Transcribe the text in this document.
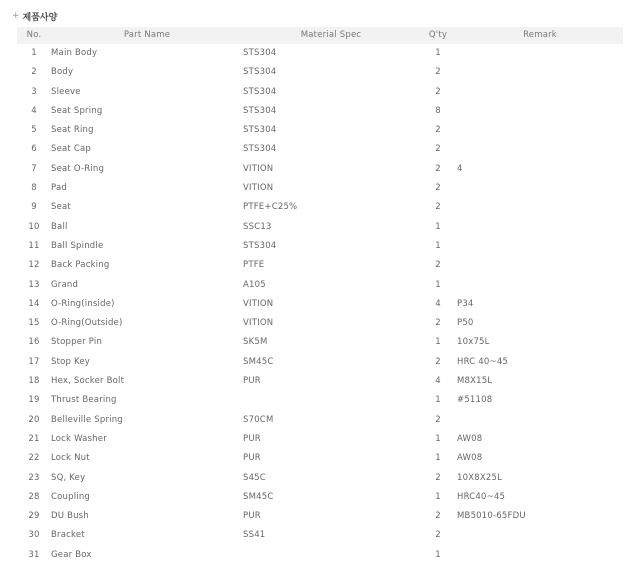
+ 제품사양
No.	Part Name	Material Spec	Q'ty	Remark
1	Main Body	STS304	1	
2	Body	STS304	2	
3	Sleeve	STS304	2	
4	Seat Spring	STS304	8	
5	Seat Ring	STS304	2	
6	Seat Cap	STS304	2	
7	Seat O-Ring	VITION	2	4
8	Pad	VITION	2	
9	Seat	PTFE+C25%	2	
10	Ball	SSC13	1	
11	Ball Spindle	STS304	1	
12	Back Packing	PTFE	2	
13	Grand	A105	1	
14	O-Ring(inside)	VITION	4	P34
15	O-Ring(Outside)	VITION	2	P50
16	Stopper Pin	SK5M	1	10x75L
17	Stop Key	SM45C	2	HRC 40~45
18	Hex, Socker Bolt	PUR	4	M8X15L
19	Thrust Bearing		1	#51108
20	Belleville Spring	S70CM	2	
21	Lock Washer	PUR	1	AW08
22	Lock Nut	PUR	1	AW08
23	SQ, Key	S45C	2	10X8X25L
28	Coupling	SM45C	1	HRC40~45
29	DU Bush	PUR	2	MB5010-65FDU
30	Bracket	SS41	2	
31	Gear Box		1	
